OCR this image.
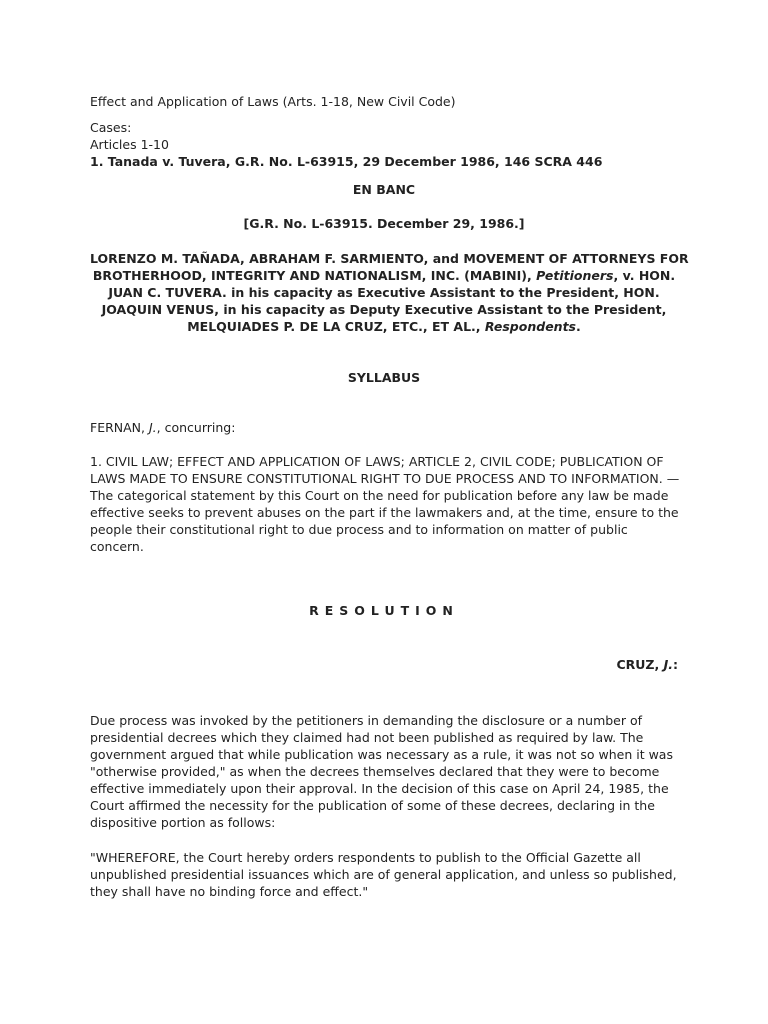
Effect and Application of Laws (Arts. 1-18, New Civil Code)
Cases:
Articles 1-10
1. Tanada v. Tuvera, G.R. No. L-63915, 29 December 1986, 146 SCRA 446
EN BANC
[G.R. No. L-63915. December 29, 1986.]
LORENZO M. TAÑADA, ABRAHAM F. SARMIENTO, and MOVEMENT OF ATTORNEYS FOR
BROTHERHOOD, INTEGRITY AND NATIONALISM, INC. (MABINI), Petitioners, v. HON.
JUAN C. TUVERA. in his capacity as Executive Assistant to the President, HON.
JOAQUIN VENUS, in his capacity as Deputy Executive Assistant to the President,
MELQUIADES P. DE LA CRUZ, ETC., ET AL., Respondents.
SYLLABUS
FERNAN, J., concurring:
1. CIVIL LAW; EFFECT AND APPLICATION OF LAWS; ARTICLE 2, CIVIL CODE; PUBLICATION OF
LAWS MADE TO ENSURE CONSTITUTIONAL RIGHT TO DUE PROCESS AND TO INFORMATION. —
The categorical statement by this Court on the need for publication before any law be made
effective seeks to prevent abuses on the part if the lawmakers and, at the time, ensure to the
people their constitutional right to due process and to information on matter of public
concern.
RESOLUTION
CRUZ, J.:
Due process was invoked by the petitioners in demanding the disclosure or a number of
presidential decrees which they claimed had not been published as required by law. The
government argued that while publication was necessary as a rule, it was not so when it was
"otherwise provided," as when the decrees themselves declared that they were to become
effective immediately upon their approval. In the decision of this case on April 24, 1985, the
Court affirmed the necessity for the publication of some of these decrees, declaring in the
dispositive portion as follows:
"WHEREFORE, the Court hereby orders respondents to publish to the Official Gazette all
unpublished presidential issuances which are of general application, and unless so published,
they shall have no binding force and effect."
